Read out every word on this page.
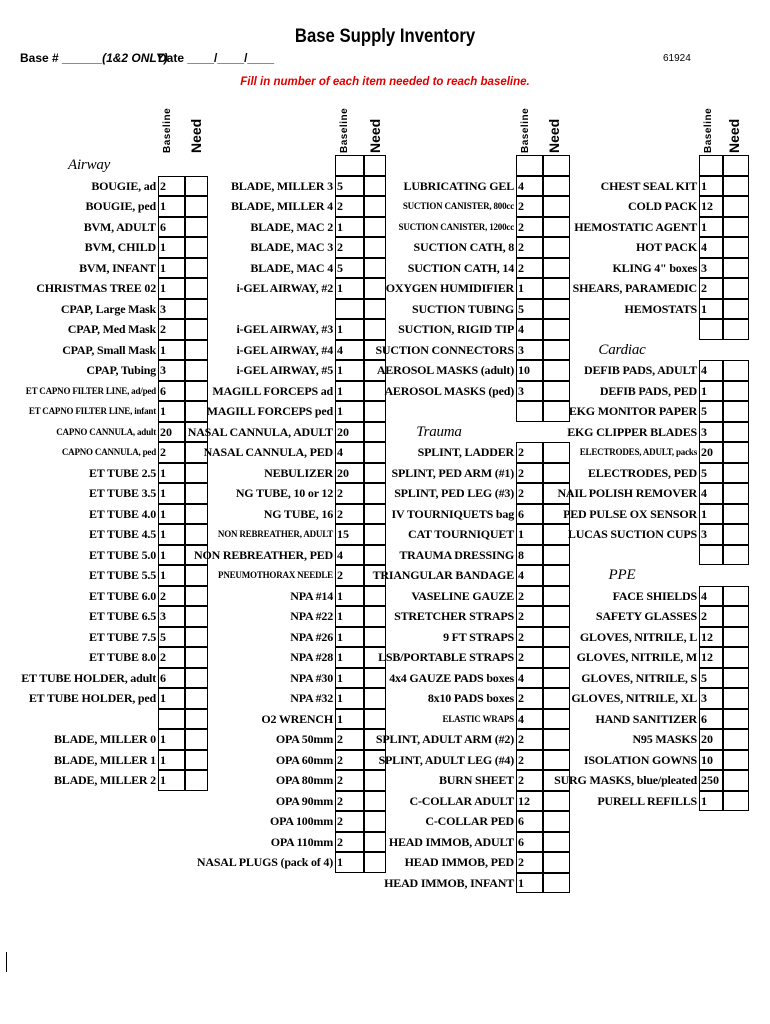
Base Supply Inventory
Base # ______(1&2 ONLY)
Date ____/____/____	61924
Fill in number of each item needed to reach baseline.
Baseline Need	Baseline Need	Baseline Need	Baseline Need
Airway
BOUGIE, ad 2
BOUGIE, ped 1
BVM, ADULT 6
BVM, CHILD 1
BVM, INFANT 1
CHRISTMAS TREE 02 1
CPAP, Large Mask 3
CPAP, Med Mask 2
CPAP, Small Mask 1
CPAP, Tubing 3
ET CAPNO FILTER LINE, ad/ped 6
ET CAPNO FILTER LINE, infant 1
CAPNO CANNULA, adult 20
CAPNO CANNULA, ped 2
ET TUBE 2.5 1
ET TUBE 3.5 1
ET TUBE 4.0 1
ET TUBE 4.5 1
ET TUBE 5.0 1
ET TUBE 5.5 1
ET TUBE 6.0 2
ET TUBE 6.5 3
ET TUBE 7.5 5
ET TUBE 8.0 2
ET TUBE HOLDER, adult 6
ET TUBE HOLDER, ped 1
BLADE, MILLER 0 1
BLADE, MILLER 1 1
BLADE, MILLER 2 1
BLADE, MILLER 3 5
BLADE, MILLER 4 2
BLADE, MAC 2 1
BLADE, MAC 3 2
BLADE, MAC 4 5
i-GEL AIRWAY, #2 1
i-GEL AIRWAY, #3 1
i-GEL AIRWAY, #4 4
i-GEL AIRWAY, #5 1
MAGILL FORCEPS ad 1
MAGILL FORCEPS ped 1
NASAL CANNULA, ADULT 20
NASAL CANNULA, PED 4
NEBULIZER 20
NG TUBE, 10 or 12 2
NG TUBE, 16 2
NON REBREATHER, ADULT 15
NON REBREATHER, PED 4
PNEUMOTHORAX NEEDLE 2
NPA #14 1
NPA #22 1
NPA #26 1
NPA #28 1
NPA #30 1
NPA #32 1
O2 WRENCH 1
OPA 50mm 2
OPA 60mm 2
OPA 80mm 2
OPA 90mm 2
OPA 100mm 2
OPA 110mm 2
NASAL PLUGS (pack of 4) 1
LUBRICATING GEL 4
SUCTION CANISTER, 800cc 2
SUCTION CANISTER, 1200cc 2
SUCTION CATH, 8 2
SUCTION CATH, 14 2
OXYGEN HUMIDIFIER 1
SUCTION TUBING 5
SUCTION, RIGID TIP 4
SUCTION CONNECTORS 3
AEROSOL MASKS (adult) 10
AEROSOL MASKS (ped) 3
Trauma
SPLINT, LADDER 2
SPLINT, PED ARM (#1) 2
SPLINT, PED LEG (#3) 2
IV TOURNIQUETS bag 6
CAT TOURNIQUET 1
TRAUMA DRESSING 8
TRIANGULAR BANDAGE 4
VASELINE GAUZE 2
STRETCHER STRAPS 2
9 FT STRAPS 2
LSB/PORTABLE STRAPS 2
4x4 GAUZE PADS boxes 4
8x10 PADS boxes 2
ELASTIC WRAPS 4
SPLINT, ADULT ARM (#2) 2
SPLINT, ADULT LEG (#4) 2
BURN SHEET 2
C-COLLAR ADULT 12
C-COLLAR PED 6
HEAD IMMOB, ADULT 6
HEAD IMMOB, PED 2
HEAD IMMOB, INFANT 1
CHEST SEAL KIT 1
COLD PACK 12
HEMOSTATIC AGENT 1
HOT PACK 4
KLING 4" boxes 3
SHEARS, PARAMEDIC 2
HEMOSTATS 1
Cardiac
DEFIB PADS, ADULT 4
DEFIB PADS, PED 1
EKG MONITOR PAPER 5
EKG CLIPPER BLADES 3
ELECTRODES, ADULT, packs 20
ELECTRODES, PED 5
NAIL POLISH REMOVER 4
PED PULSE OX SENSOR 1
LUCAS SUCTION CUPS 3
PPE
FACE SHIELDS 4
SAFETY GLASSES 2
GLOVES, NITRILE, L 12
GLOVES, NITRILE, M 12
GLOVES, NITRILE, S 5
GLOVES, NITRILE, XL 3
HAND SANITIZER 6
N95 MASKS 20
ISOLATION GOWNS 10
SURG MASKS, blue/pleated 250
PURELL REFILLS 1
